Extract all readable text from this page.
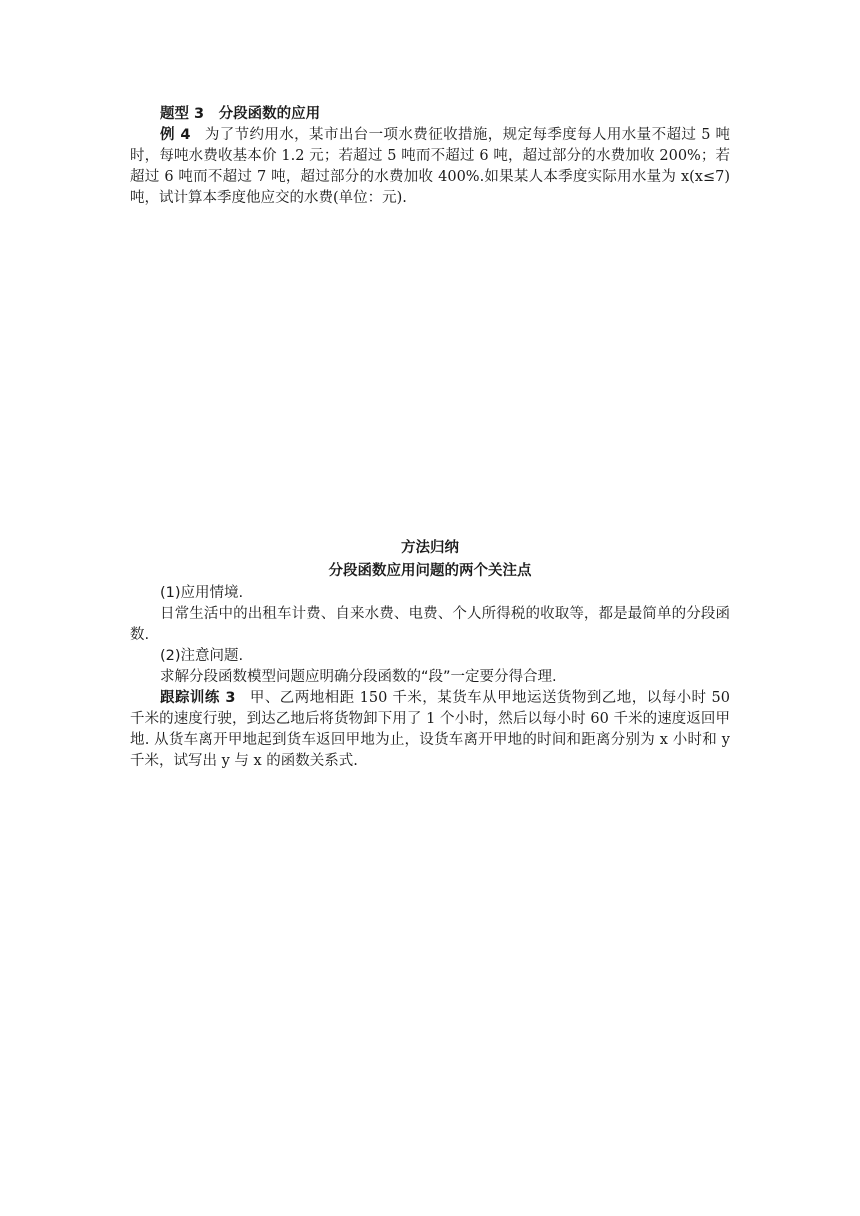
题型 3　分段函数的应用

例 4 为了节约用水，某市出台一项水费征收措施，规定每季度每人用水量不超过 5 吨时，每吨水费收基本价 1.2 元；若超过 5 吨而不超过 6 吨，超过部分的水费加收 200%；若超过 6 吨而不超过 7 吨，超过部分的水费加收 400%.如果某人本季度实际用水量为 x(x≤7)吨，试计算本季度他应交的水费(单位：元).

方法归纳
分段函数应用问题的两个关注点

(1)应用情境.

日常生活中的出租车计费、自来水费、电费、个人所得税的收取等，都是最简单的分段函数.

(2)注意问题.

求解分段函数模型问题应明确分段函数的“段”一定要分得合理.

跟踪训练 3 甲、乙两地相距 150 千米，某货车从甲地运送货物到乙地，以每小时 50 千米的速度行驶，到达乙地后将货物卸下用了 1 个小时，然后以每小时 60 千米的速度返回甲地. 从货车离开甲地起到货车返回甲地为止，设货车离开甲地的时间和距离分别为 x 小时和 y 千米，试写出 y 与 x 的函数关系式.
